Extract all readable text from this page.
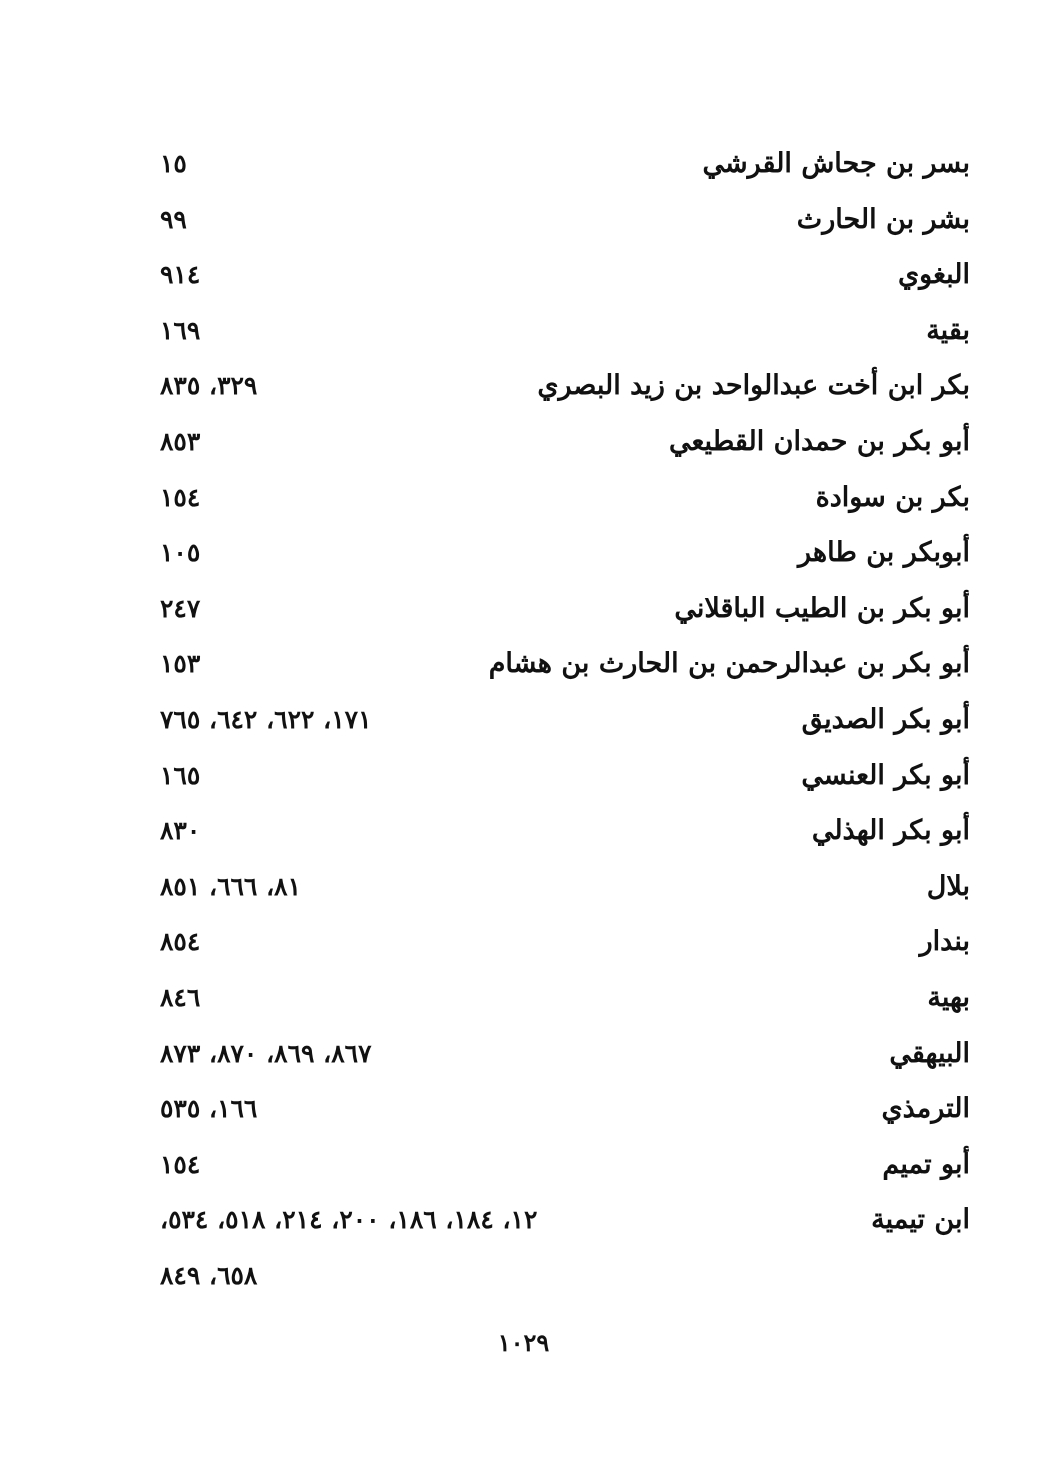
بسر بن جحاش القرشي
١٥
بشر بن الحارث
٩٩
البغوي
٩١٤
بقية
١٦٩
بكر ابن أخت عبدالواحد بن زيد البصري
٣٢٩، ٨٣٥
أبو بكر بن حمدان القطيعي
٨٥٣
بكر بن سوادة
١٥٤
أبوبكر بن طاهر
١٠٥
أبو بكر بن الطيب الباقلاني
٢٤٧
أبو بكر بن عبدالرحمن بن الحارث بن هشام
١٥٣
أبو بكر الصديق
١٧١، ٦٢٢، ٦٤٢، ٧٦٥
أبو بكر العنسي
١٦٥
أبو بكر الهذلي
٨٣٠
بلال
٨١، ٦٦٦، ٨٥١
بندار
٨٥٤
بهية
٨٤٦
البيهقي
٨٦٧، ٨٦٩، ٨٧٠، ٨٧٣
الترمذي
١٦٦، ٥٣٥
أبو تميم
١٥٤
ابن تيمية
١٢، ١٨٤، ١٨٦، ٢٠٠، ٢١٤، ٥١٨، ٥٣٤،
٦٥٨، ٨٤٩
١٠٢٩
